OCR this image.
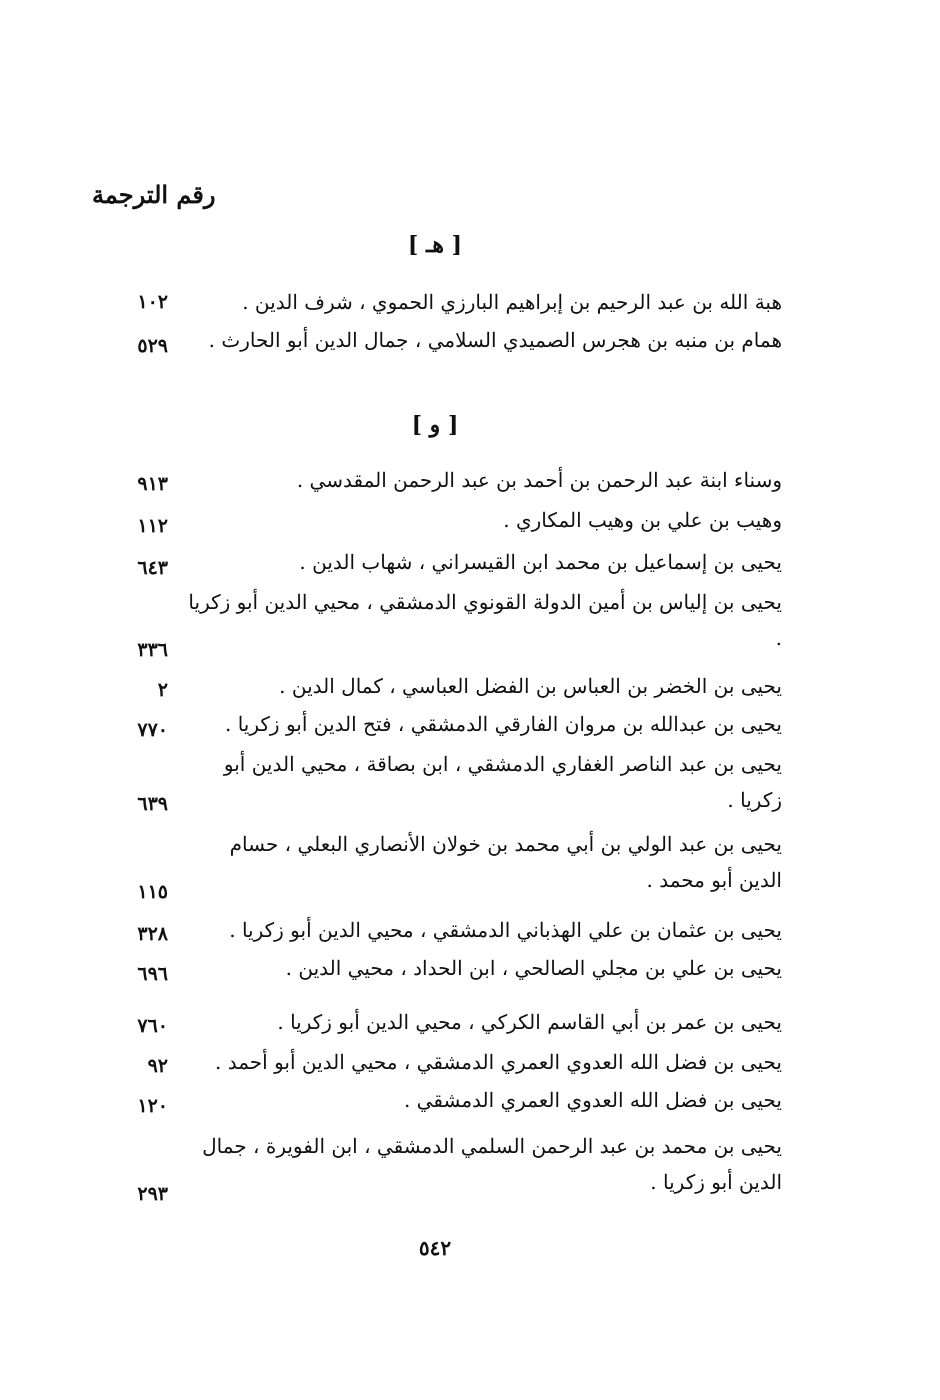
رقم الترجمة
[ هـ ]
هبة الله بن عبد الرحيم بن إبراهيم البارزي الحموي ، شرف الدين .
١٠٢
همام بن منبه بن هجرس الصميدي السلامي ، جمال الدين أبو الحارث .
٥٢٩
[ و ]
وسناء ابنة عبد الرحمن بن أحمد بن عبد الرحمن المقدسي .
٩١٣
وهيب بن علي بن وهيب المكاري .
١١٢
يحيى بن إسماعيل بن محمد ابن القيسراني ، شهاب الدين .
٦٤٣
يحيى بن إلياس بن أمين الدولة القونوي الدمشقي ، محيي الدين أبو زكريا .
٣٣٦
يحيى بن الخضر بن العباس بن الفضل العباسي ، كمال الدين .
٢
يحيى بن عبدالله بن مروان الفارقي الدمشقي ، فتح الدين أبو زكريا .
٧٧٠
يحيى بن عبد الناصر الغفاري الدمشقي ، ابن بصاقة ، محيي الدين أبو زكريا .
٦٣٩
يحيى بن عبد الولي بن أبي محمد بن خولان الأنصاري البعلي ، حسام الدين أبو محمد .
١١٥
يحيى بن عثمان بن علي الهذباني الدمشقي ، محيي الدين أبو زكريا .
٣٢٨
يحيى بن علي بن مجلي الصالحي ، ابن الحداد ، محيي الدين .
٦٩٦
يحيى بن عمر بن أبي القاسم الكركي ، محيي الدين أبو زكريا .
٧٦٠
يحيى بن فضل الله العدوي العمري الدمشقي ، محيي الدين أبو أحمد .
٩٢
يحيى بن فضل الله العدوي العمري الدمشقي .
١٢٠
يحيى بن محمد بن عبد الرحمن السلمي الدمشقي ، ابن الفويرة ، جمال الدين أبو زكريا .
٢٩٣
٥٤٢
